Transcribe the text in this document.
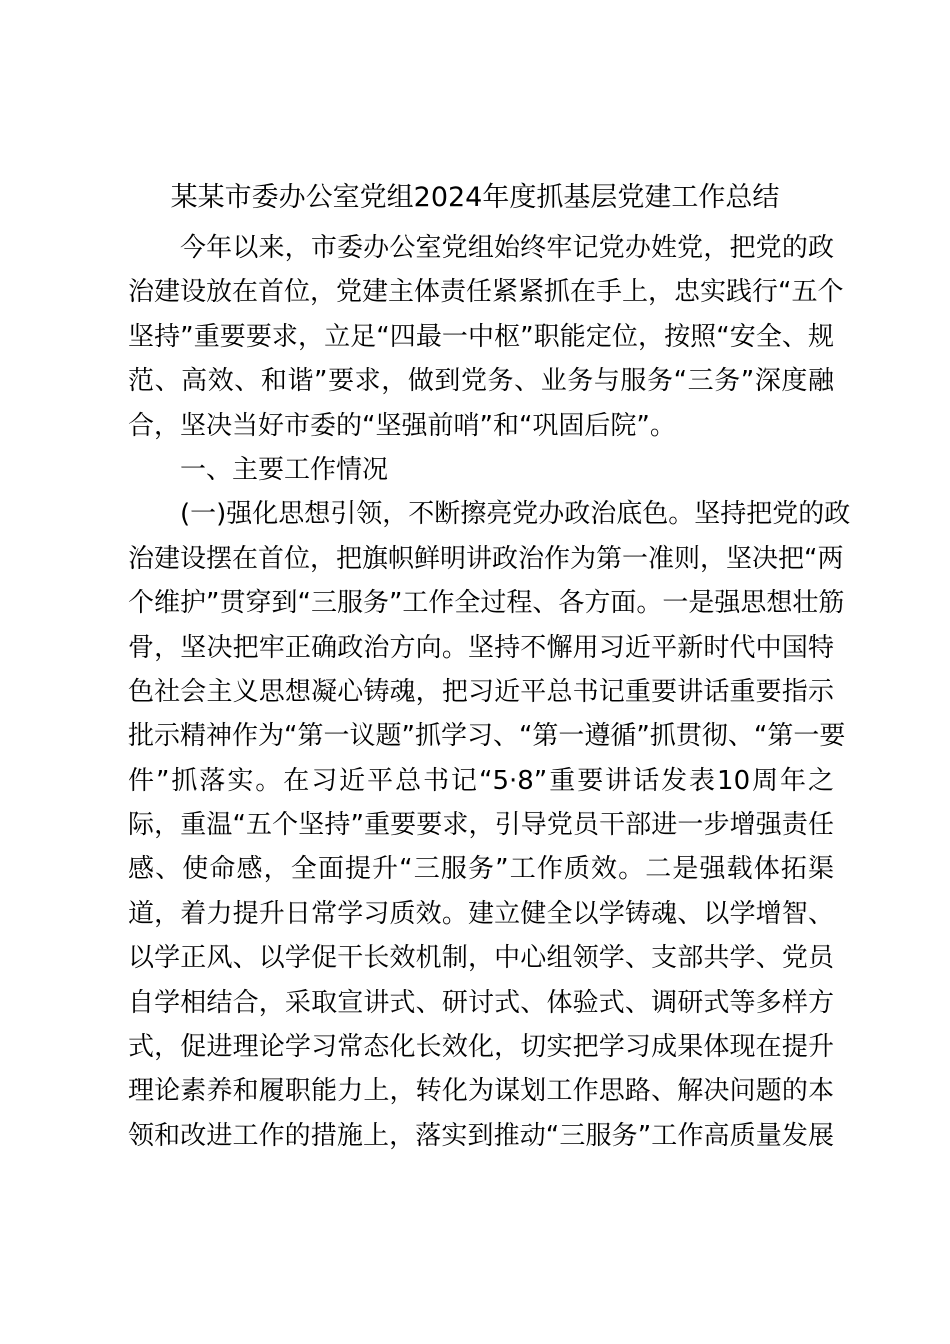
某某市委办公室党组2024年度抓基层党建工作总结
今年以来，市委办公室党组始终牢记党办姓党，把党的政
治建设放在首位，党建主体责任紧紧抓在手上，忠实践行“五个
坚持”重要要求，立足“四最一中枢”职能定位，按照“安全、规
范、高效、和谐”要求，做到党务、业务与服务“三务”深度融
合，坚决当好市委的“坚强前哨”和“巩固后院”。
一、主要工作情况
(一)强化思想引领，不断擦亮党办政治底色。坚持把党的政
治建设摆在首位，把旗帜鲜明讲政治作为第一准则，坚决把“两
个维护”贯穿到“三服务”工作全过程、各方面。一是强思想壮筋
骨，坚决把牢正确政治方向。坚持不懈用习近平新时代中国特
色社会主义思想凝心铸魂，把习近平总书记重要讲话重要指示
批示精神作为“第一议题”抓学习、“第一遵循”抓贯彻、“第一要
件”抓落实。在习近平总书记“5·8”重要讲话发表10周年之
际，重温“五个坚持”重要要求，引导党员干部进一步增强责任
感、使命感，全面提升“三服务”工作质效。二是强载体拓渠
道，着力提升日常学习质效。建立健全以学铸魂、以学增智、
以学正风、以学促干长效机制，中心组领学、支部共学、党员
自学相结合，采取宣讲式、研讨式、体验式、调研式等多样方
式，促进理论学习常态化长效化，切实把学习成果体现在提升
理论素养和履职能力上，转化为谋划工作思路、解决问题的本
领和改进工作的措施上，落实到推动“三服务”工作高质量发展
